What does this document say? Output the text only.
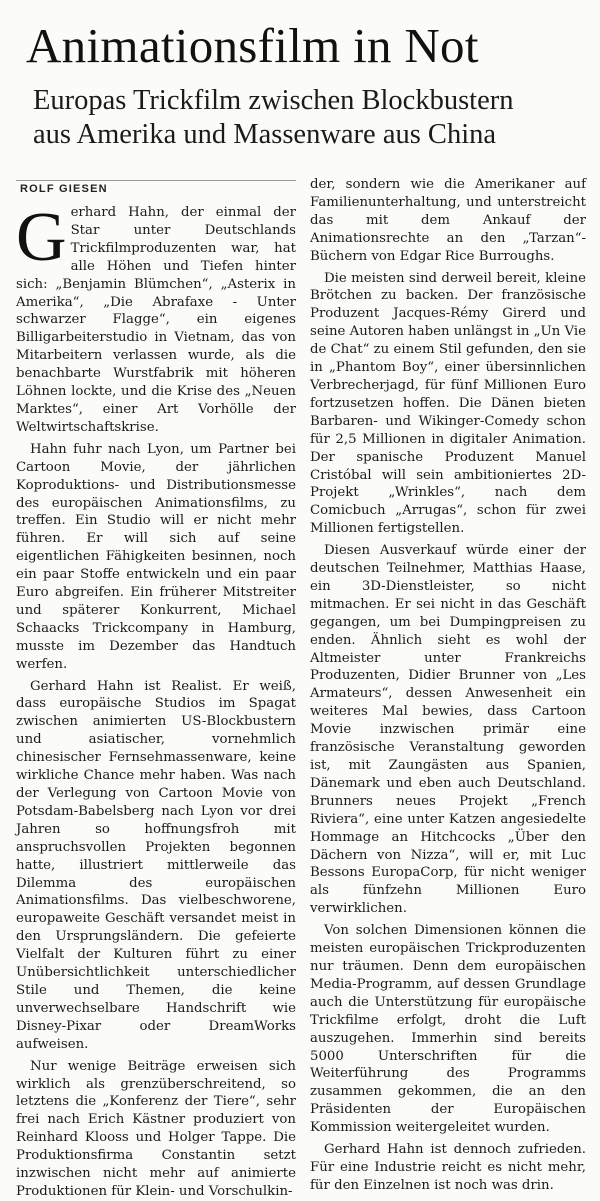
Animationsfilm in Not
Europas Trickfilm zwischen Blockbustern
aus Amerika und Massenware aus China
ROLF GIESEN

Gerhard Hahn, der einmal der Star unter Deutschlands Trickfilmproduzenten war, hat alle Höhen und Tiefen hinter sich: „Benjamin Blümchen“, „Asterix in Amerika“, „Die Abrafaxe - Unter schwarzer Flagge“, ein eigenes Billigarbeiterstudio in Vietnam, das von Mitarbeitern verlassen wurde, als die benachbarte Wurstfabrik mit höheren Löhnen lockte, und die Krise des „Neuen Marktes“, einer Art Vorhölle der Weltwirtschaftskrise.

Hahn fuhr nach Lyon, um Partner bei Cartoon Movie, der jährlichen Koproduktions- und Distributionsmesse des europäischen Animationsfilms, zu treffen. Ein Studio will er nicht mehr führen. Er will sich auf seine eigentlichen Fähigkeiten besinnen, noch ein paar Stoffe entwickeln und ein paar Euro abgreifen. Ein früherer Mitstreiter und späterer Konkurrent, Michael Schaacks Trickcompany in Hamburg, musste im Dezember das Handtuch werfen.

Gerhard Hahn ist Realist. Er weiß, dass europäische Studios im Spagat zwischen animierten US-Blockbustern und asiatischer, vornehmlich chinesischer Fernsehmassenware, keine wirkliche Chance mehr haben. Was nach der Verlegung von Cartoon Movie von Potsdam-Babelsberg nach Lyon vor drei Jahren so hoffnungsfroh mit anspruchsvollen Projekten begonnen hatte, illustriert mittlerweile das Dilemma des europäischen Animationsfilms. Das vielbeschworene, europaweite Geschäft versandet meist in den Ursprungsländern. Die gefeierte Vielfalt der Kulturen führt zu einer Unübersichtlichkeit unterschiedlicher Stile und Themen, die keine unverwechselbare Handschrift wie Disney-Pixar oder DreamWorks aufweisen.

Nur wenige Beiträge erweisen sich wirklich als grenzüberschreitend, so letztens die „Konferenz der Tiere“, sehr frei nach Erich Kästner produziert von Reinhard Klooss und Holger Tappe. Die Produktionsfirma Constantin setzt inzwischen nicht mehr auf animierte Produktionen für Klein- und Vorschulkin-

der, sondern wie die Amerikaner auf Familienunterhaltung, und unterstreicht das mit dem Ankauf der Animationsrechte an den „Tarzan“-Büchern von Edgar Rice Burroughs.

Die meisten sind derweil bereit, kleine Brötchen zu backen. Der französische Produzent Jacques-Rémy Girerd und seine Autoren haben unlängst in „Un Vie de Chat“ zu einem Stil gefunden, den sie in „Phantom Boy“, einer übersinnlichen Verbrecherjagd, für fünf Millionen Euro fortzusetzen hoffen. Die Dänen bieten Barbaren- und Wikinger-Comedy schon für 2,5 Millionen in digitaler Animation. Der spanische Produzent Manuel Cristóbal will sein ambitioniertes 2D-Projekt „Wrinkles“, nach dem Comicbuch „Arrugas“, schon für zwei Millionen fertigstellen.

Diesen Ausverkauf würde einer der deutschen Teilnehmer, Matthias Haase, ein 3D-Dienstleister, so nicht mitmachen. Er sei nicht in das Geschäft gegangen, um bei Dumpingpreisen zu enden. Ähnlich sieht es wohl der Altmeister unter Frankreichs Produzenten, Didier Brunner von „Les Armateurs“, dessen Anwesenheit ein weiteres Mal bewies, dass Cartoon Movie inzwischen primär eine französische Veranstaltung geworden ist, mit Zaungästen aus Spanien, Dänemark und eben auch Deutschland. Brunners neues Projekt „French Riviera“, eine unter Katzen angesiedelte Hommage an Hitchcocks „Über den Dächern von Nizza“, will er, mit Luc Bessons EuropaCorp, für nicht weniger als fünfzehn Millionen Euro verwirklichen.

Von solchen Dimensionen können die meisten europäischen Trickproduzenten nur träumen. Denn dem europäischen Media-Programm, auf dessen Grundlage auch die Unterstützung für europäische Trickfilme erfolgt, droht die Luft auszugehen. Immerhin sind bereits 5000 Unterschriften für die Weiterführung des Programms zusammen gekommen, die an den Präsidenten der Europäischen Kommission weitergeleitet wurden.

Gerhard Hahn ist dennoch zufrieden. Für eine Industrie reicht es nicht mehr, für den Einzelnen ist noch was drin.
